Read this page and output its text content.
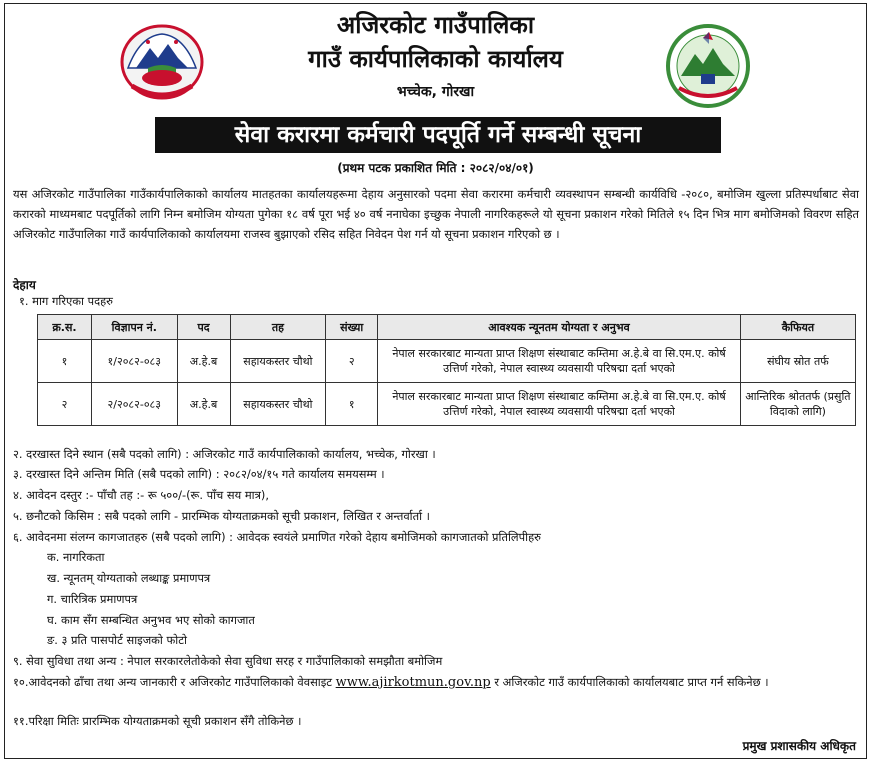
अजिरकोट गाउँपालिका
गाउँ कार्यपालिकाको कार्यालय
भच्चेक, गोरखा
सेवा करारमा कर्मचारी पदपूर्ति गर्ने सम्बन्धी सूचना
(प्रथम पटक प्रकाशित मिति : २०८२/०४/०१)
यस अजिरकोट गाउँपालिका गाउँकार्यपालिकाको कार्यालय मातहतका कार्यालयहरूमा देहाय अनुसारको पदमा सेवा करारमा कर्मचारी व्यवस्थापन सम्बन्धी कार्यविधि -२०८०, बमोजिम खुल्ला प्रतिस्पर्धाबाट सेवा करारको माध्यमबाट पदपूर्तिको लागि निम्न बमोजिम योग्यता पुगेका १८ वर्ष पूरा भई ४० वर्ष ननाघेका इच्छुक नेपाली नागरिकहरूले यो सूचना प्रकाशन गरेको मितिले १५ दिन भित्र माग बमोजिमको विवरण सहित अजिरकोट गाउँपालिका गाउँ कार्यपालिकाको कार्यालयमा राजस्व बुझाएको रसिद सहित निवेदन पेश गर्न यो सूचना प्रकाशन गरिएको छ ।
देहाय
१. माग गरिएका पदहरु
क्र.स.	विज्ञापन नं.	पद	तह	संख्या	आवश्यक न्यूनतम योग्यता र अनुभव	कैफियत
१	१/२०८२-०८३	अ.हे.ब	सहायकस्तर चौथो	२	नेपाल सरकारबाट मान्यता प्राप्त शिक्षण संस्थाबाट कम्तिमा अ.हे.बे वा सि.एम.ए. कोर्ष उत्तिर्ण गरेको, नेपाल स्वास्थ्य व्यवसायी परिषद्मा दर्ता भएको	संघीय स्रोत तर्फ
२	२/२०८२-०८३	अ.हे.ब	सहायकस्तर चौथो	१	नेपाल सरकारबाट मान्यता प्राप्त शिक्षण संस्थाबाट कम्तिमा अ.हे.बे वा सि.एम.ए. कोर्ष उत्तिर्ण गरेको, नेपाल स्वास्थ्य व्यवसायी परिषद्मा दर्ता भएको	आन्तिरिक श्रोततर्फ (प्रसुति विदाको लागि)
२. दरखास्त दिने स्थान (सबै पदको लागि) : अजिरकोट गाउँ कार्यपालिकाको कार्यालय, भच्चेक, गोरखा ।
३. दरखास्त दिने अन्तिम मिति (सबै पदको लागि) : २०८२/०४/१५ गते कार्यालय समयसम्म ।
४. आवेदन दस्तुर :- पाँचौ तह :- रू ५००/-(रू. पाँच सय मात्र),
५. छनौटको किसिम : सबै पदको लागि - प्रारम्भिक योग्यताक्रमको सूची प्रकाशन, लिखित र अन्तर्वार्ता ।
६. आवेदनमा संलग्न कागजातहरु (सबै पदको लागि) : आवेदक स्वयंले प्रमाणित गरेको देहाय बमोजिमको कागजातको प्रतिलिपीहरु
क. नागरिकता
ख. न्यूनतम् योग्यताको लब्धाङ्क प्रमाणपत्र
ग. चारित्रिक प्रमाणपत्र
घ. काम सँग सम्बन्धित अनुभव भए सोको कागजात
ङ. ३ प्रति पासपोर्ट साइजको फोटो
९. सेवा सुविधा तथा अन्य : नेपाल सरकारलेतोकेको सेवा सुविधा सरह र गाउँपालिकाको समझौता बमोजिम
१०.आवेदनको ढाँचा तथा अन्य जानकारी र अजिरकोट गाउँपालिकाको वेवसाइट www.ajirkotmun.gov.np र अजिरकोट गाउँ कार्यपालिकाको कार्यालयबाट प्राप्त गर्न सकिनेछ ।
११.परिक्षा मितिः प्रारम्भिक योग्यताक्रमको सूची प्रकाशन सँगै तोकिनेछ ।
प्रमुख प्रशासकीय अधिकृत
